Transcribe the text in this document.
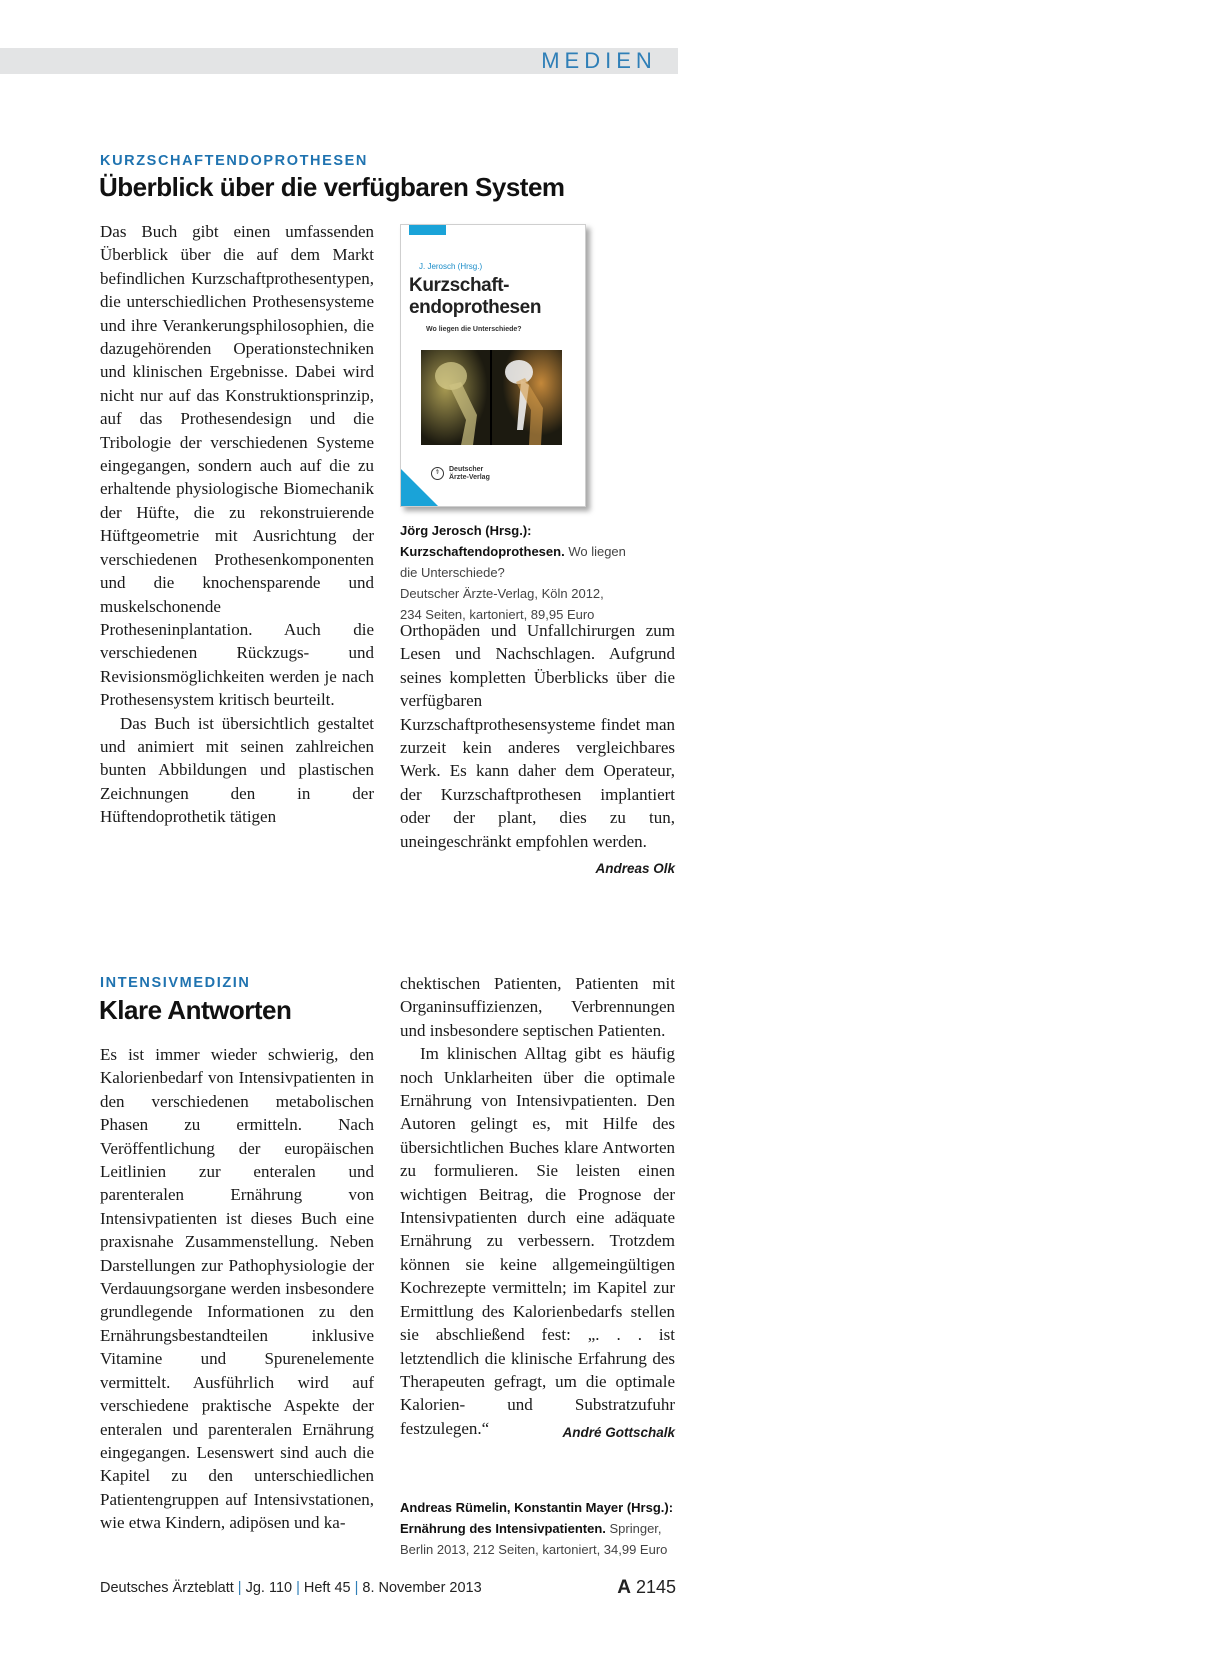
MEDIEN
KURZSCHAFTENDOPROTHESEN
Überblick über die verfügbaren System

Das Buch gibt einen umfassenden Überblick über die auf dem Markt befindlichen Kurzschaftprothesentypen, die unterschiedlichen Prothesensysteme und ihre Verankerungsphilosophien, die dazugehörenden Operationstechniken und klinischen Ergebnisse. Dabei wird nicht nur auf das Konstruktionsprinzip, auf das Prothesendesign und die Tribologie der verschiedenen Systeme eingegangen, sondern auch auf die zu erhaltende physiologische Biomechanik der Hüfte, die zu rekonstruierende Hüftgeometrie mit Ausrichtung der verschiedenen Prothesenkomponenten und die knochensparende und muskelschonende Protheseninplantation. Auch die verschiedenen Rückzugs- und Revisionsmöglichkeiten werden je nach Prothesensystem kritisch beurteilt.

Das Buch ist übersichtlich gestaltet und animiert mit seinen zahlreichen bunten Abbildungen und plastischen Zeichnungen den in der Hüftendoprothetik tätigen

J. Jerosch (Hrsg.)
Kurzschaft-
endoprothesen
Wo liegen die Unterschiede?
⚕	Deutscher
Ärzte-Verlag
Jörg Jerosch (Hrsg.): Kurzschaftendoprothesen. Wo liegen die Unterschiede?
Deutscher Ärzte-Verlag, Köln 2012,
234 Seiten, kartoniert, 89,95 Euro

Orthopäden und Unfallchirurgen zum Lesen und Nachschlagen. Aufgrund seines kompletten Überblicks über die verfügbaren Kurzschaftprothesensysteme findet man zurzeit kein anderes vergleichbares Werk. Es kann daher dem Operateur, der Kurzschaftprothesen implantiert oder der plant, dies zu tun, uneingeschränkt empfohlen werden.
Andreas Olk

INTENSIVMEDIZIN
Klare Antworten

Es ist immer wieder schwierig, den Kalorienbedarf von Intensivpatienten in den verschiedenen metabolischen Phasen zu ermitteln. Nach Veröffentlichung der europäischen Leitlinien zur enteralen und parenteralen Ernährung von Intensivpatienten ist dieses Buch eine praxisnahe Zusammenstellung. Neben Darstellungen zur Pathophysiologie der Verdauungsorgane werden insbesondere grundlegende Informationen zu den Ernährungsbestandteilen inklusive Vitamine und Spurenelemente vermittelt. Ausführlich wird auf verschiedene praktische Aspekte der enteralen und parenteralen Ernährung eingegangen. Lesenswert sind auch die Kapitel zu den unterschiedlichen Patientengruppen auf Intensivstationen, wie etwa Kindern, adipösen und ka-

chektischen Patienten, Patienten mit Organinsuffizienzen, Verbrennungen und insbesondere septischen Patienten.

Im klinischen Alltag gibt es häufig noch Unklarheiten über die optimale Ernährung von Intensivpatienten. Den Autoren gelingt es, mit Hilfe des übersichtlichen Buches klare Antworten zu formulieren. Sie leisten einen wichtigen Beitrag, die Prognose der Intensivpatienten durch eine adäquate Ernährung zu verbessern. Trotzdem können sie keine allgemeingültigen Kochrezepte vermitteln; im Kapitel zur Ermittlung des Kalorienbedarfs stellen sie abschließend fest: „. . . ist letztendlich die klinische Erfahrung des Therapeuten gefragt, um die optimale Kalorien- und Substratzufuhr festzulegen.“	André Gottschalk

Andreas Rümelin, Konstantin Mayer (Hrsg.): Ernährung des Intensivpatienten. Springer, Berlin 2013, 212 Seiten, kartoniert, 34,99 Euro
Deutsches Ärzteblatt | Jg. 110 | Heft 45 | 8. November 2013	A 2145
